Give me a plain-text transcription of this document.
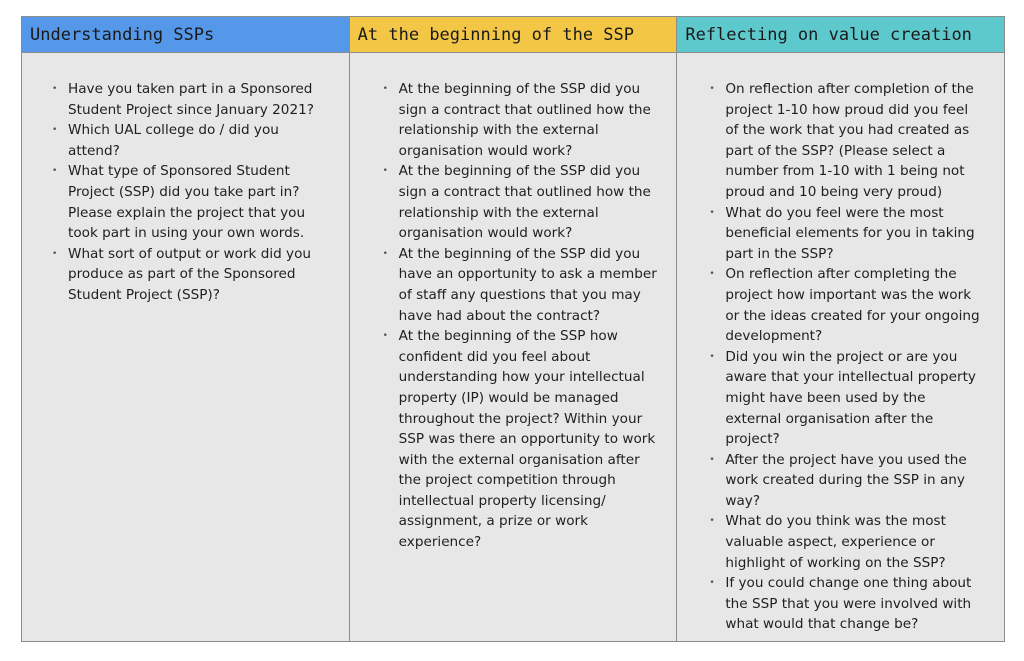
Understanding SSPs
• Have you taken part in a Sponsored Student Project since January 2021?
• Which UAL college do / did you attend?
• What type of Sponsored Student Project (SSP) did you take part in? Please explain the project that you took part in using your own words.
• What sort of output or work did you produce as part of the Sponsored Student Project (SSP)?
At the beginning of the SSP
• At the beginning of the SSP did you sign a contract that outlined how the relationship with the external organisation would work?
• At the beginning of the SSP did you sign a contract that outlined how the relationship with the external organisation would work?
• At the beginning of the SSP did you have an opportunity to ask a member of staff any questions that you may have had about the contract?
• At the beginning of the SSP how confident did you feel about understanding how your intellectual property (IP) would be managed throughout the project? Within your SSP was there an opportunity to work with the external organisation after the project competition through intellectual property licensing/ assignment, a prize or work experience?
Reflecting on value creation
• On reflection after completion of the project 1-10 how proud did you feel of the work that you had created as part of the SSP? (Please select a number from 1-10 with 1 being not proud and 10 being very proud)
• What do you feel were the most beneficial elements for you in taking part in the SSP?
• On reflection after completing the project how important was the work or the ideas created for your ongoing development?
• Did you win the project or are you aware that your intellectual property might have been used by the external organisation after the project?
• After the project have you used the work created during the SSP in any way?
• What do you think was the most valuable aspect, experience or highlight of working on the SSP?
• If you could change one thing about the SSP that you were involved with what would that change be?
